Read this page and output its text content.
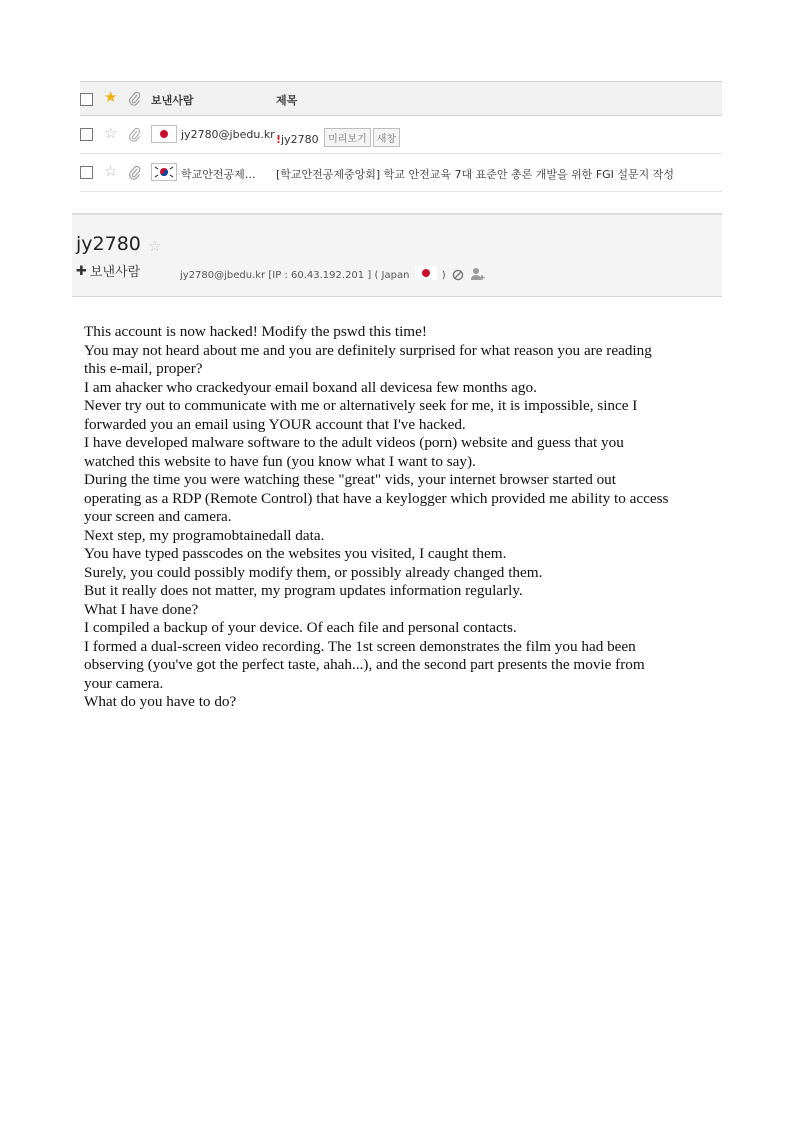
★	보낸사람	제목
☆	jy2780@jbedu.kr !jy2780 미리보기 새창
☆	학교안전공제… [학교안전공제중앙회] 학교 안전교육 7대 표준안 총론 개발을 위한 FGI 설문지 작성
jy2780 ☆
✚ 보낸사람	jy2780@jbedu.kr [IP : 60.43.192.201 ] ( Japan	)

This account is now hacked! Modify the pswd this time!

You may not heard about me and you are definitely surprised for what reason you are reading

this e-mail, proper?

I am ahacker who crackedyour email boxand all devicesa few months ago.

Never try out to communicate with me or alternatively seek for me, it is impossible, since I

forwarded you an email using YOUR account that I've hacked.

I have developed malware software to the adult videos (porn) website and guess that you

watched this website to have fun (you know what I want to say).

During the time you were watching these "great" vids, your internet browser started out

operating as a RDP (Remote Control) that have a keylogger which provided me ability to access

your screen and camera.

Next step, my programobtainedall data.

You have typed passcodes on the websites you visited, I caught them.

Surely, you could possibly modify them, or possibly already changed them.

But it really does not matter, my program updates information regularly.

What I have done?

I compiled a backup of your device. Of each file and personal contacts.

I formed a dual-screen video recording. The 1st screen demonstrates the film you had been

observing (you've got the perfect taste, ahah...), and the second part presents the movie from

your camera.

What do you have to do?
